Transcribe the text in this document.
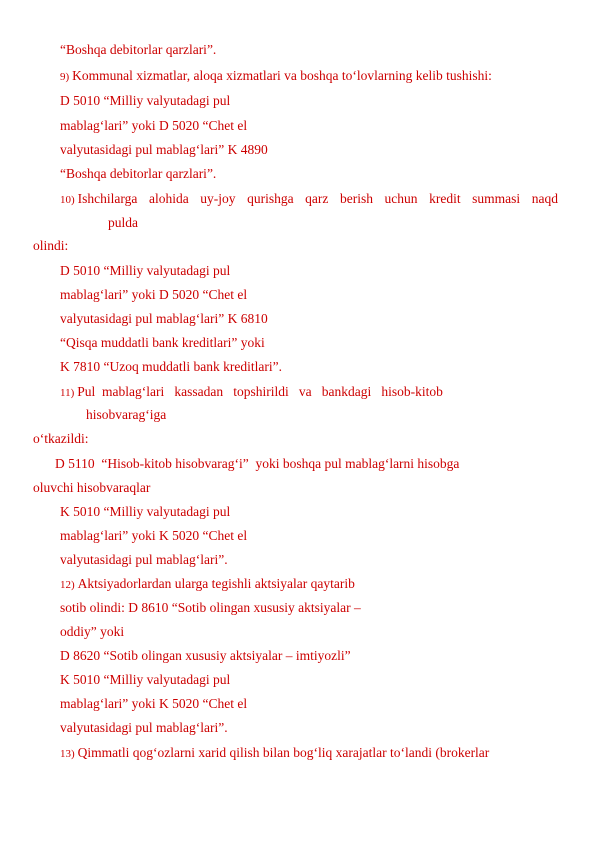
“Boshqa debitorlar qarzlari”.
9) Kommunal xizmatlar, aloqa xizmatlari va boshqa to‘lovlarning kelib tushishi:
D 5010 “Milliy valyutadagi pul
mablag‘lari” yoki D 5020 “Chet el
valyutasidagi pul mablag‘lari” K 4890
“Boshqa debitorlar qarzlari”.
10) Ishchilarga alohida uy-joy qurishga qarz berish uchun kredit summasi naqd
pulda
olindi:
D 5010 “Milliy valyutadagi pul
mablag‘lari” yoki D 5020 “Chet el
valyutasidagi pul mablag‘lari” K 6810
“Qisqa muddatli bank kreditlari” yoki
K 7810 “Uzoq muddatli bank kreditlari”.
11) Pul  mablag‘lari   kassadan   topshirildi   va   bankdagi   hisob-kitob
hisobvarag‘iga
o‘tkazildi:
D 5110  “Hisob-kitob hisobvarag‘i”  yoki boshqa pul mablag‘larni hisobga
oluvchi hisobvaraqlar
K 5010 “Milliy valyutadagi pul
mablag‘lari” yoki K 5020 “Chet el
valyutasidagi pul mablag‘lari”.
12) Aktsiyadorlardan ularga tegishli aktsiyalar qaytarib
sotib olindi: D 8610 “Sotib olingan xususiy aktsiyalar –
oddiy” yoki
D 8620 “Sotib olingan xususiy aktsiyalar – imtiyozli”
K 5010 “Milliy valyutadagi pul
mablag‘lari” yoki K 5020 “Chet el
valyutasidagi pul mablag‘lari”.
13) Qimmatli qog‘ozlarni xarid qilish bilan bog‘liq xarajatlar to‘landi (brokerlar
